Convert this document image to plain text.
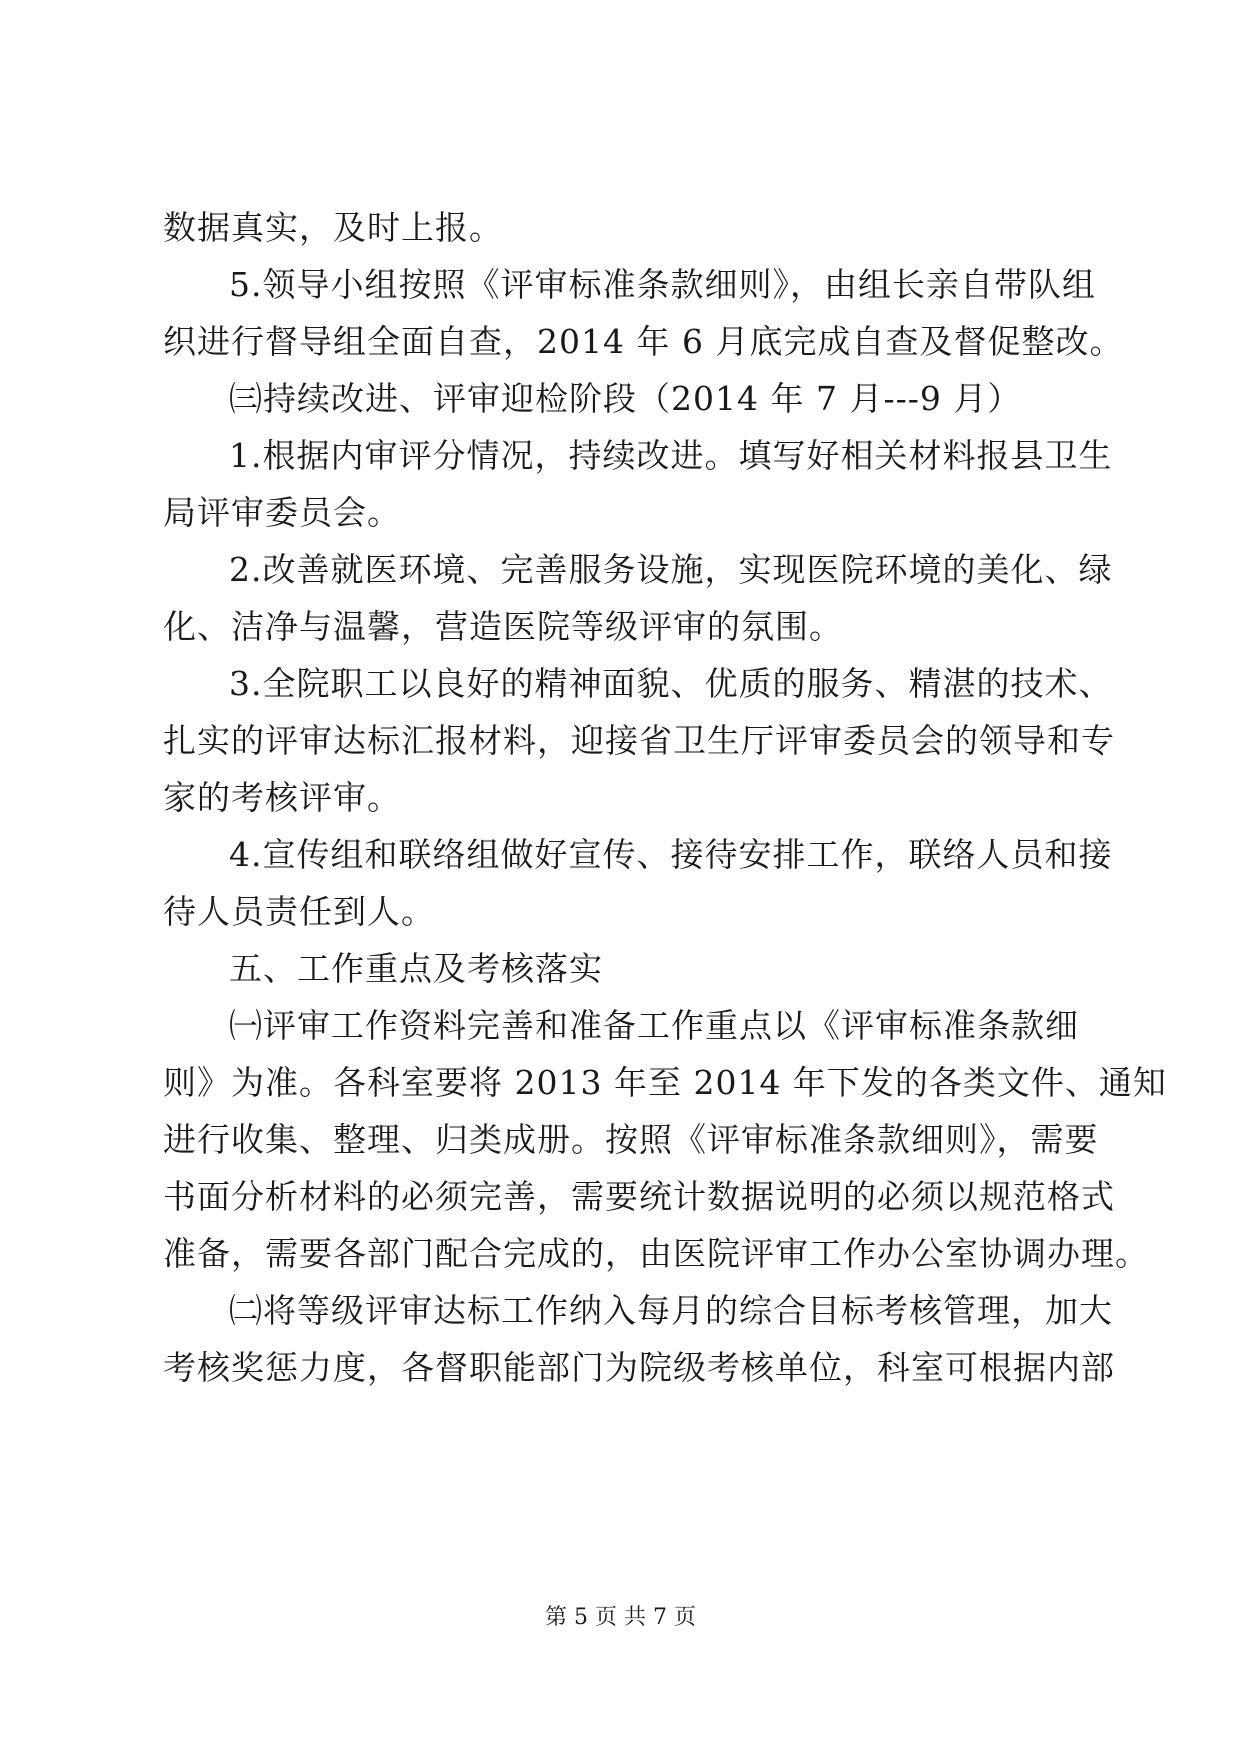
数据真实，及时上报。
5.领导小组按照《评审标准条款细则》，由组长亲自带队组
织进行督导组全面自查，2014 年 6 月底完成自查及督促整改。
㈢持续改进、评审迎检阶段（2014 年 7 月---9 月）
1.根据内审评分情况，持续改进。填写好相关材料报县卫生
局评审委员会。
2.改善就医环境、完善服务设施，实现医院环境的美化、绿
化、洁净与温馨，营造医院等级评审的氛围。
3.全院职工以良好的精神面貌、优质的服务、精湛的技术、
扎实的评审达标汇报材料，迎接省卫生厅评审委员会的领导和专
家的考核评审。
4.宣传组和联络组做好宣传、接待安排工作，联络人员和接
待人员责任到人。
五、工作重点及考核落实
㈠评审工作资料完善和准备工作重点以《评审标准条款细
则》为准。各科室要将 2013 年至 2014 年下发的各类文件、通知
进行收集、整理、归类成册。按照《评审标准条款细则》，需要
书面分析材料的必须完善，需要统计数据说明的必须以规范格式
准备，需要各部门配合完成的，由医院评审工作办公室协调办理。
㈡将等级评审达标工作纳入每月的综合目标考核管理，加大
考核奖惩力度，各督职能部门为院级考核单位，科室可根据内部
第 5 页 共 7 页
